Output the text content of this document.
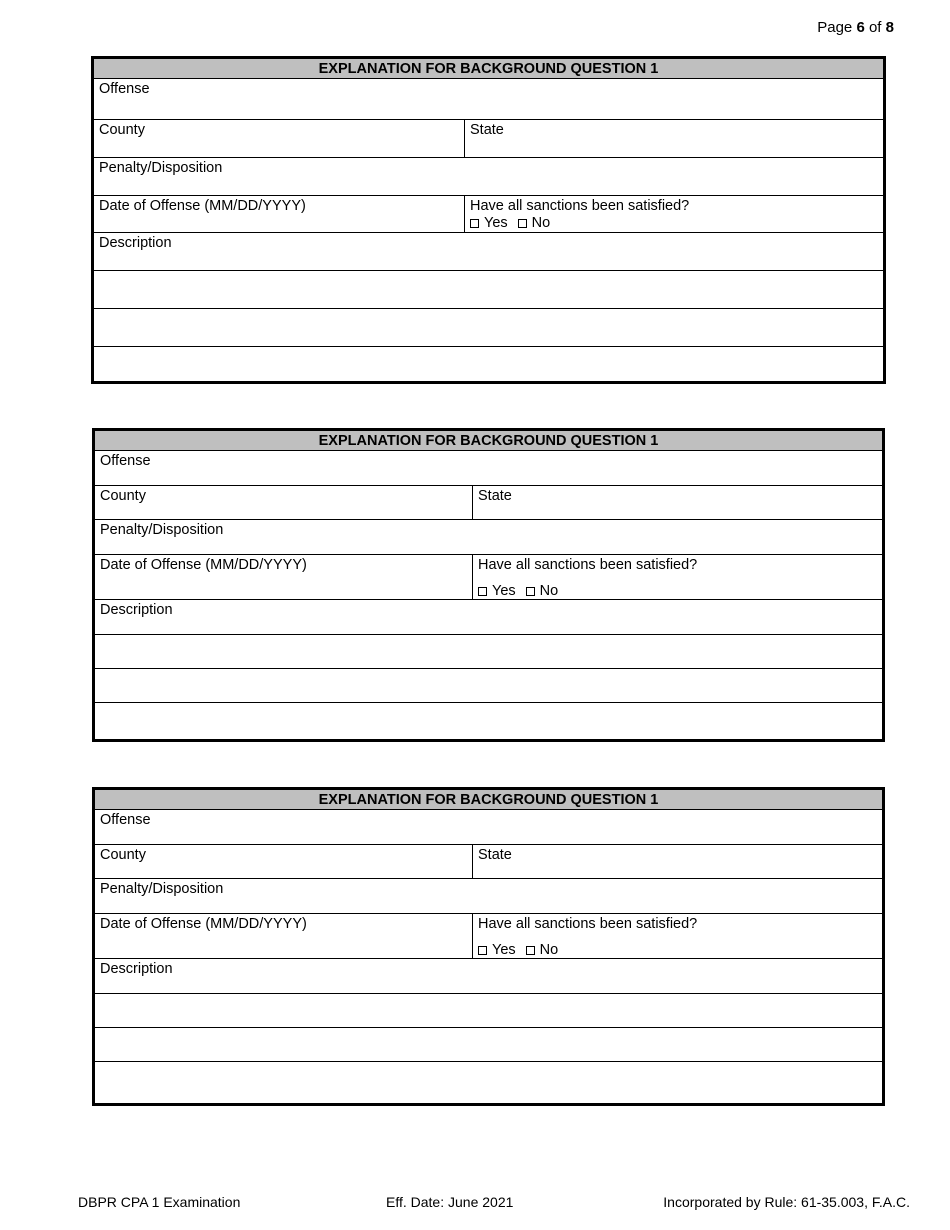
Page 6 of 8
EXPLANATION FOR BACKGROUND QUESTION 1
Offense
County	State
Penalty/Disposition
Date of Offense (MM/DD/YYYY)	Have all sanctions been satisfied?
Yes No
Description
EXPLANATION FOR BACKGROUND QUESTION 1
Offense
County	State
Penalty/Disposition
Date of Offense (MM/DD/YYYY)	Have all sanctions been satisfied?
Yes No
Description
EXPLANATION FOR BACKGROUND QUESTION 1
Offense
County	State
Penalty/Disposition
Date of Offense (MM/DD/YYYY)	Have all sanctions been satisfied?
Yes No
Description
DBPR CPA 1 Examination	Eff. Date: June 2021	Incorporated by Rule: 61-35.003, F.A.C.
